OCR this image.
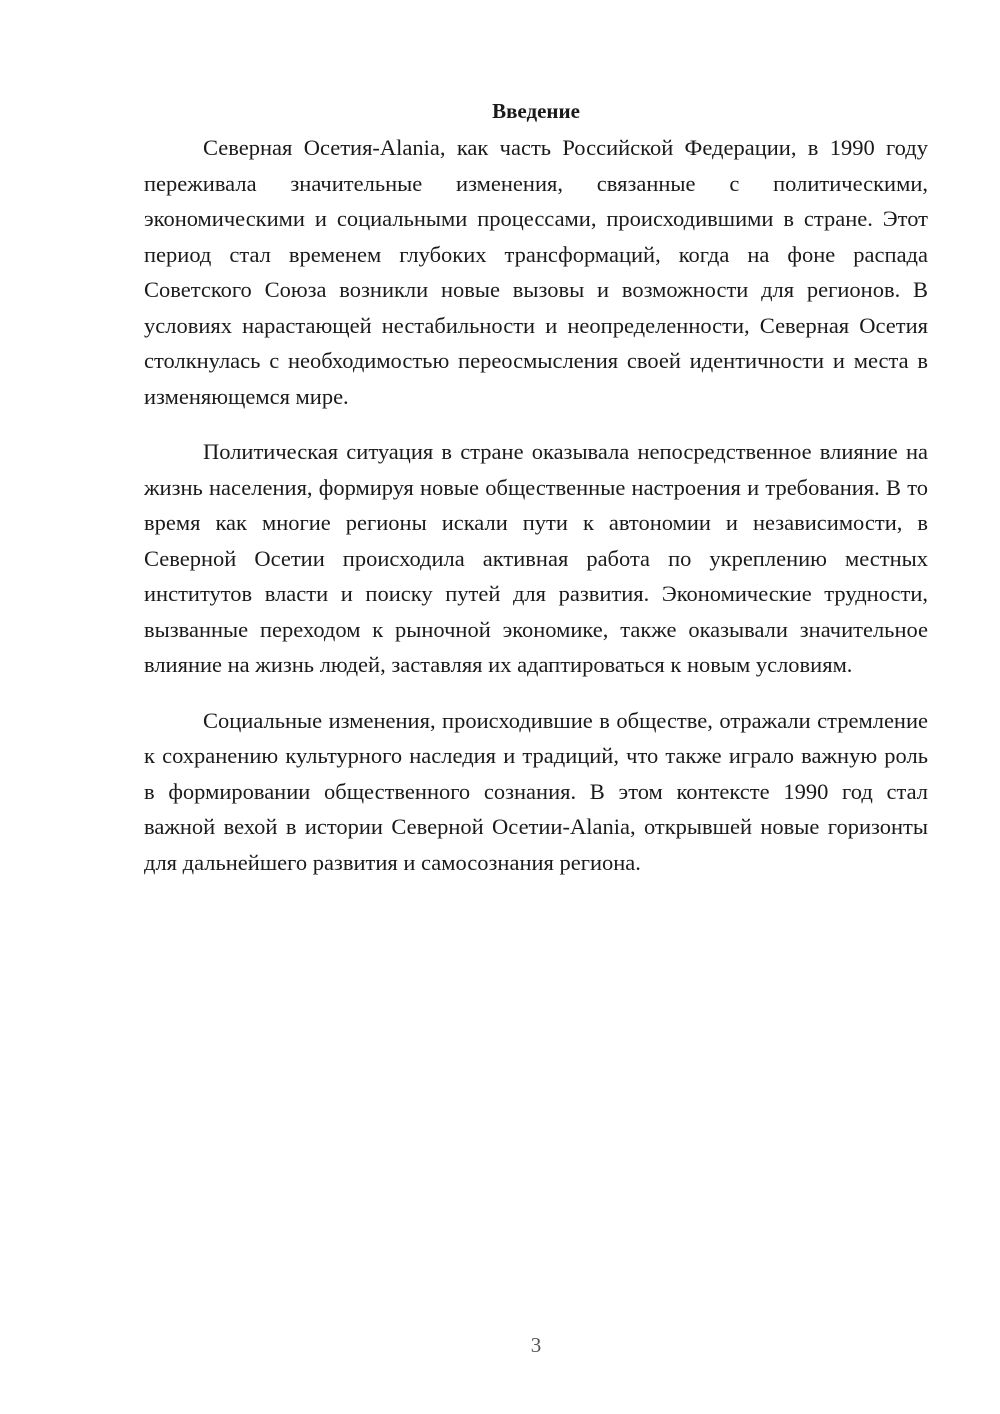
Введение

Северная Осетия-Alania, как часть Российской Федерации, в 1990 году переживала значительные изменения, связанные с политическими, экономическими и социальными процессами, происходившими в стране. Этот период стал временем глубоких трансформаций, когда на фоне распада Советского Союза возникли новые вызовы и возможности для регионов. В условиях нарастающей нестабильности и неопределенности, Северная Осетия столкнулась с необходимостью переосмысления своей идентичности и места в изменяющемся мире.

Политическая ситуация в стране оказывала непосредственное влияние на жизнь населения, формируя новые общественные настроения и требования. В то время как многие регионы искали пути к автономии и независимости, в Северной Осетии происходила активная работа по укреплению местных институтов власти и поиску путей для развития. Экономические трудности, вызванные переходом к рыночной экономике, также оказывали значительное влияние на жизнь людей, заставляя их адаптироваться к новым условиям.

Социальные изменения, происходившие в обществе, отражали стремление к сохранению культурного наследия и традиций, что также играло важную роль в формировании общественного сознания. В этом контексте 1990 год стал важной вехой в истории Северной Осетии-Alania, открывшей новые горизонты для дальнейшего развития и самосознания региона.

3
